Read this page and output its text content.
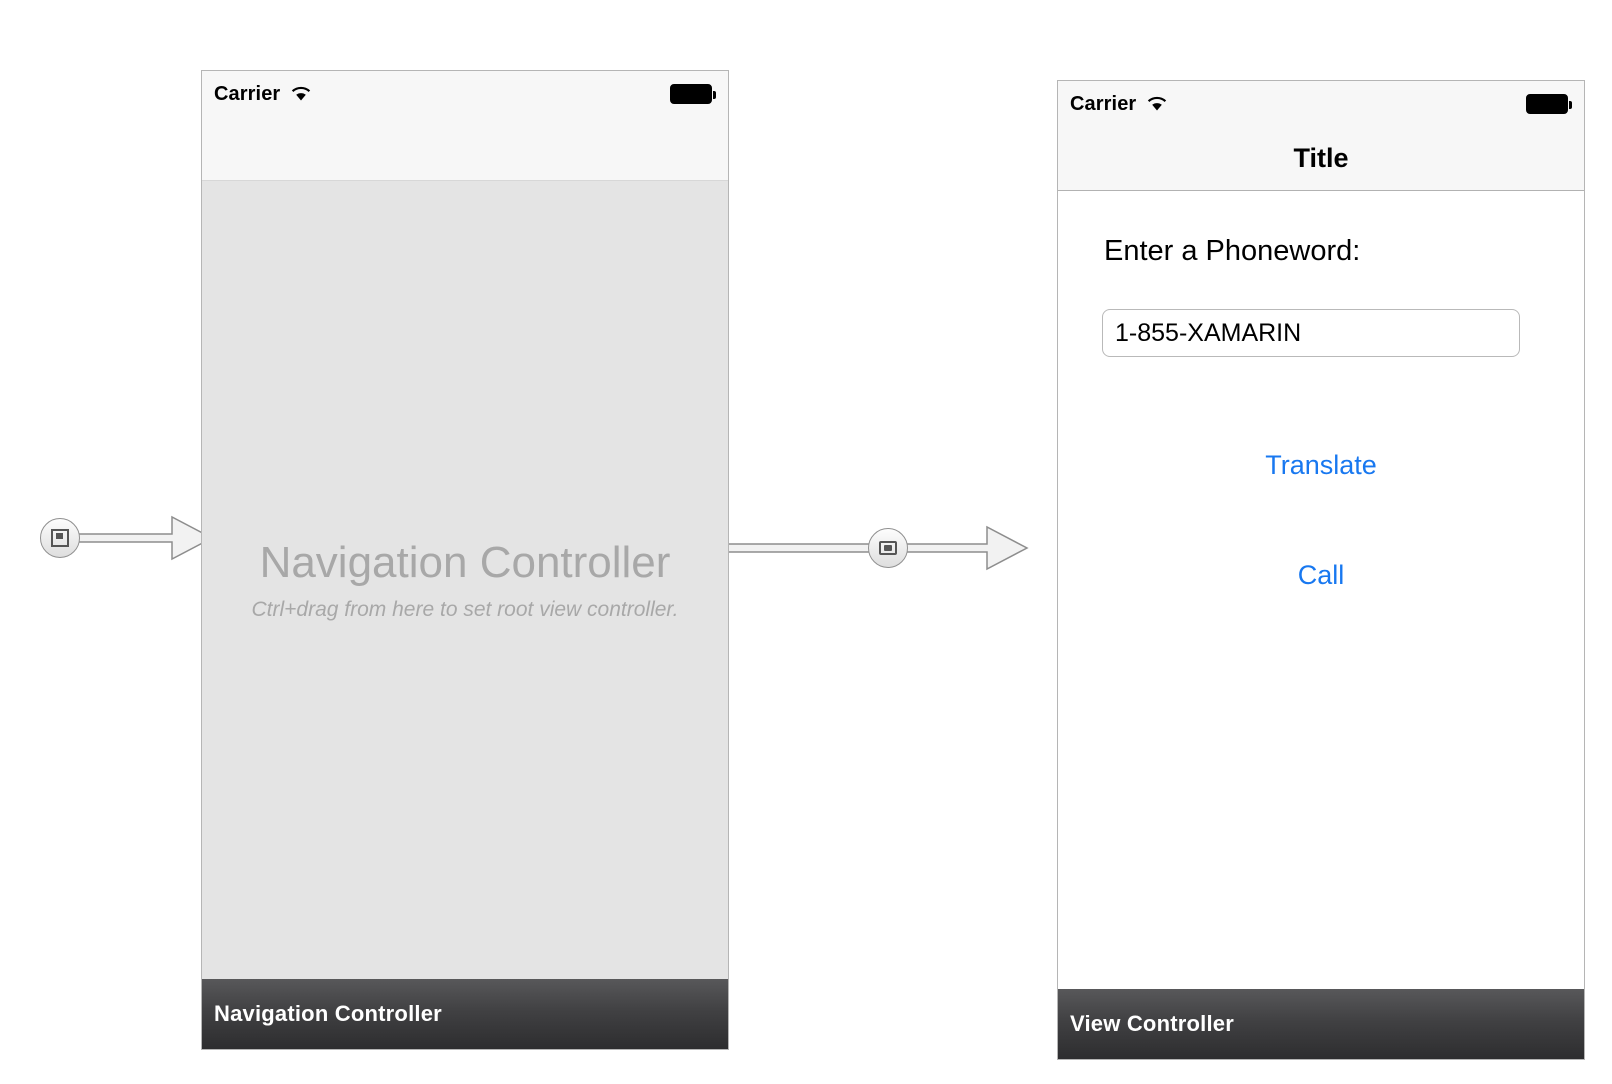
Carrier
Navigation Controller
Ctrl+drag from here to set root view controller.
Navigation Controller
Carrier
Title
Enter a Phoneword:
1-855-XAMARIN
Translate
Call
View Controller
